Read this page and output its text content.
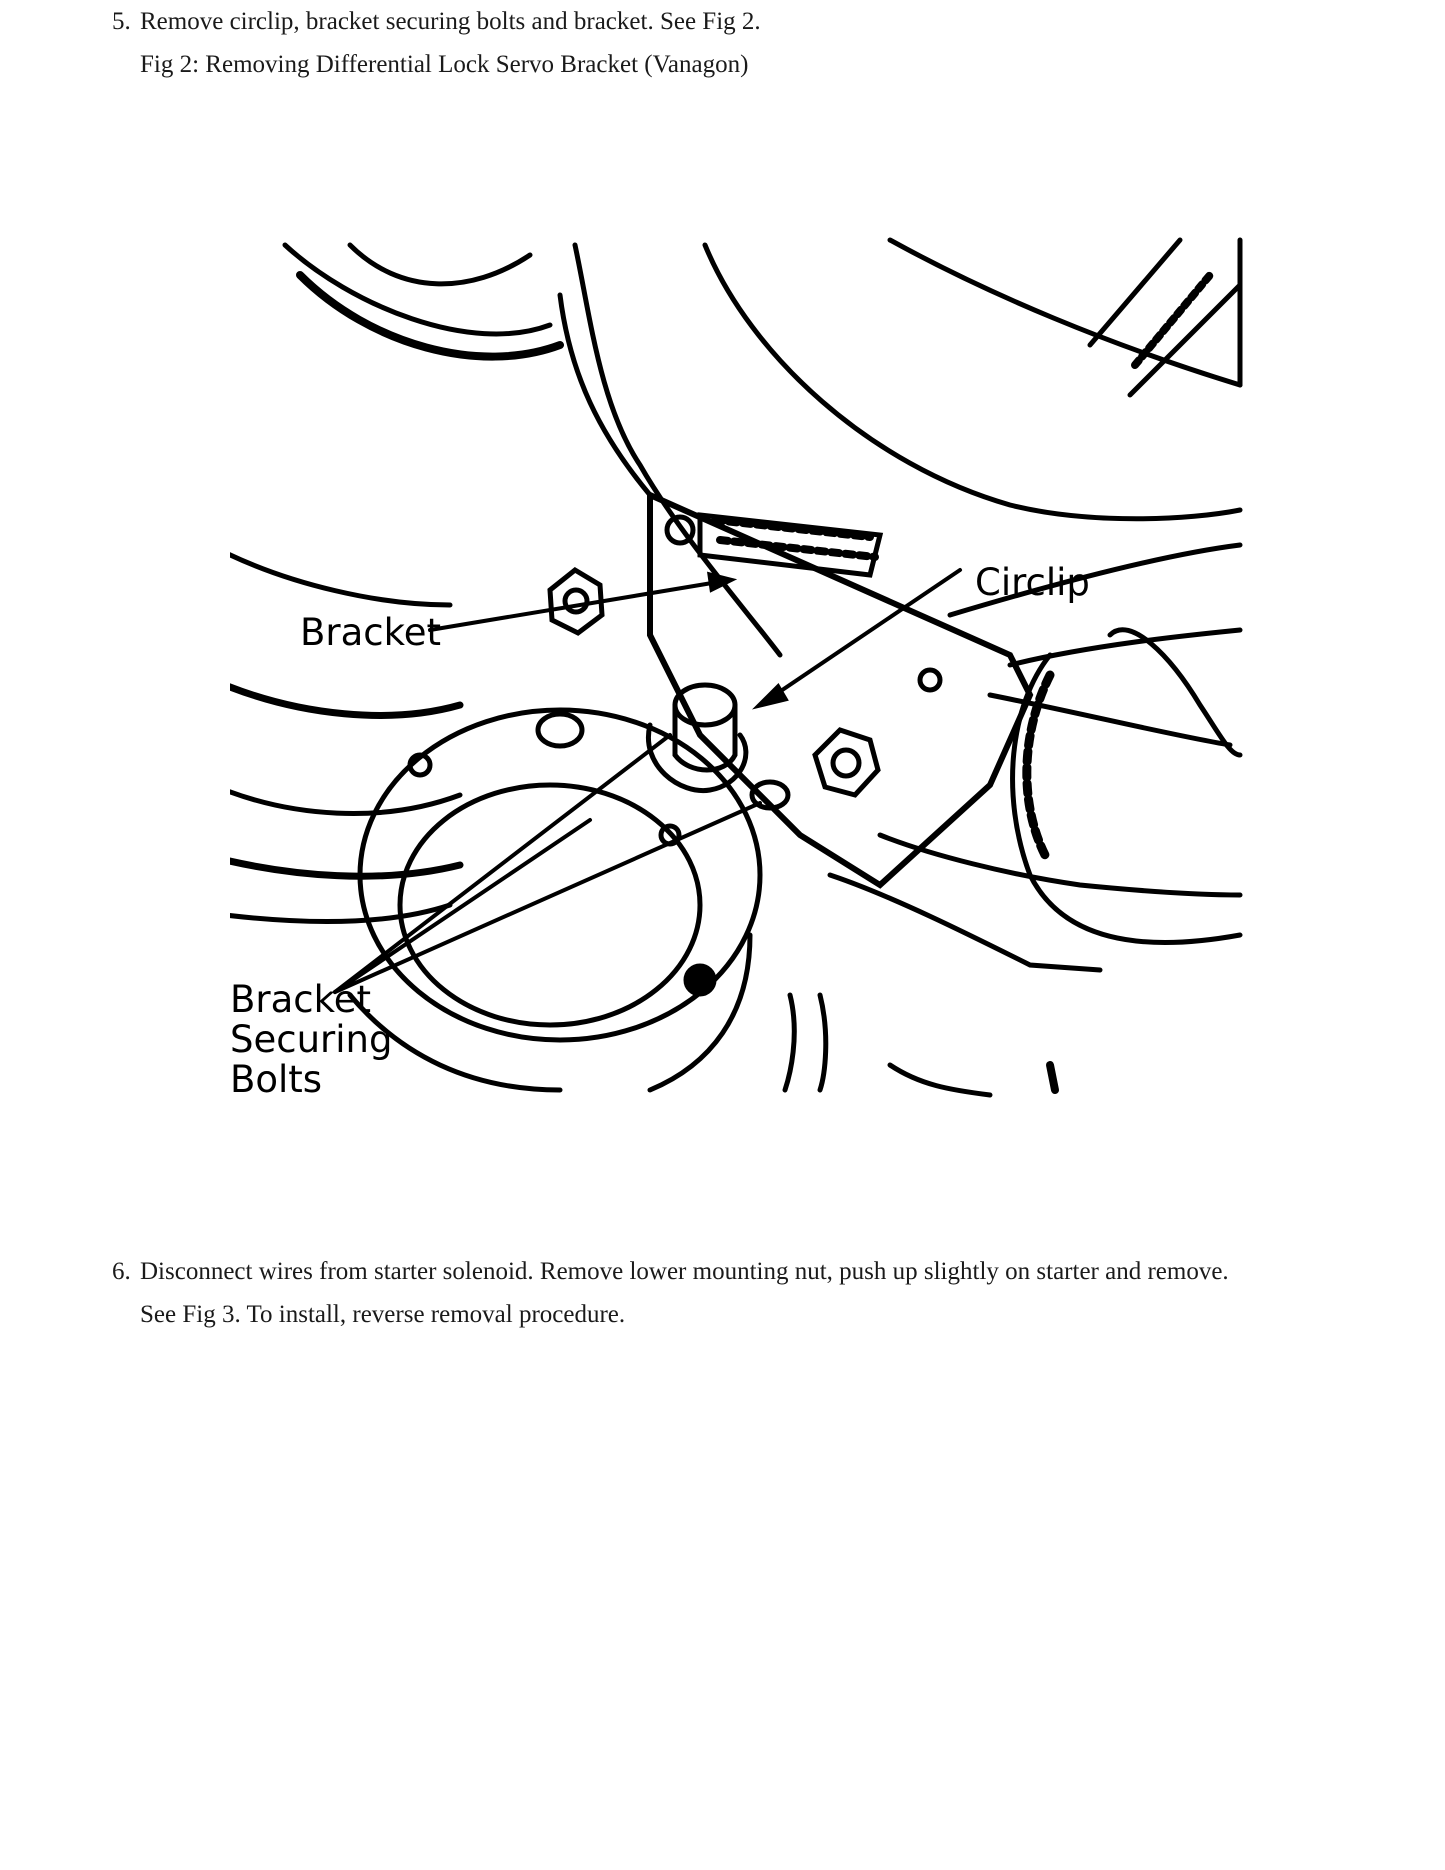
5. Remove circlip, bracket securing bolts and bracket. See Fig 2.
Fig 2: Removing Differential Lock Servo Bracket (Vanagon)
Bracket
Circlip
Bracket
Securing
Bolts
6. Disconnect wires from starter solenoid. Remove lower mounting nut, push up slightly on starter and remove.
See Fig 3. To install, reverse removal procedure.
